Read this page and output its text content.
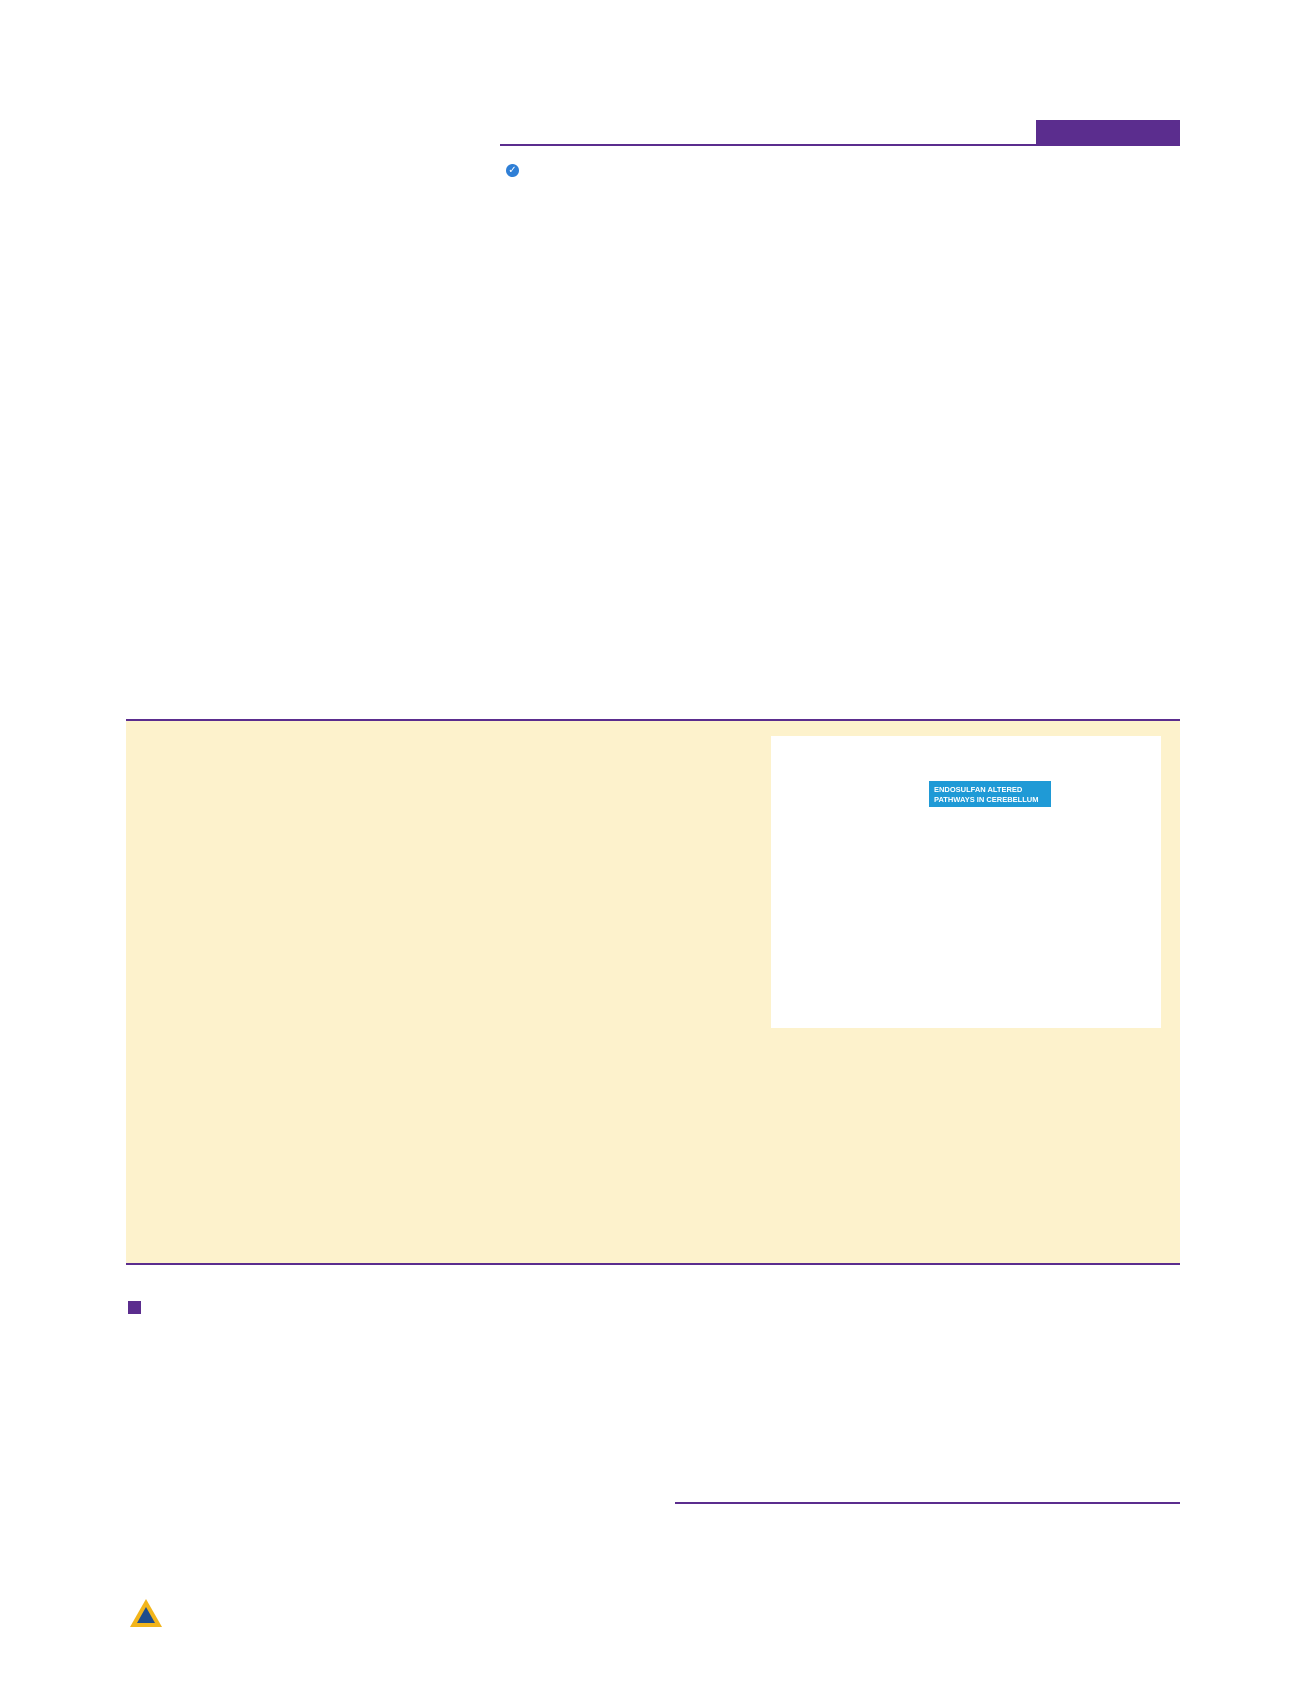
✓
ENDOSULFAN ALTERED
PATHWAYS IN CEREBELLUM
